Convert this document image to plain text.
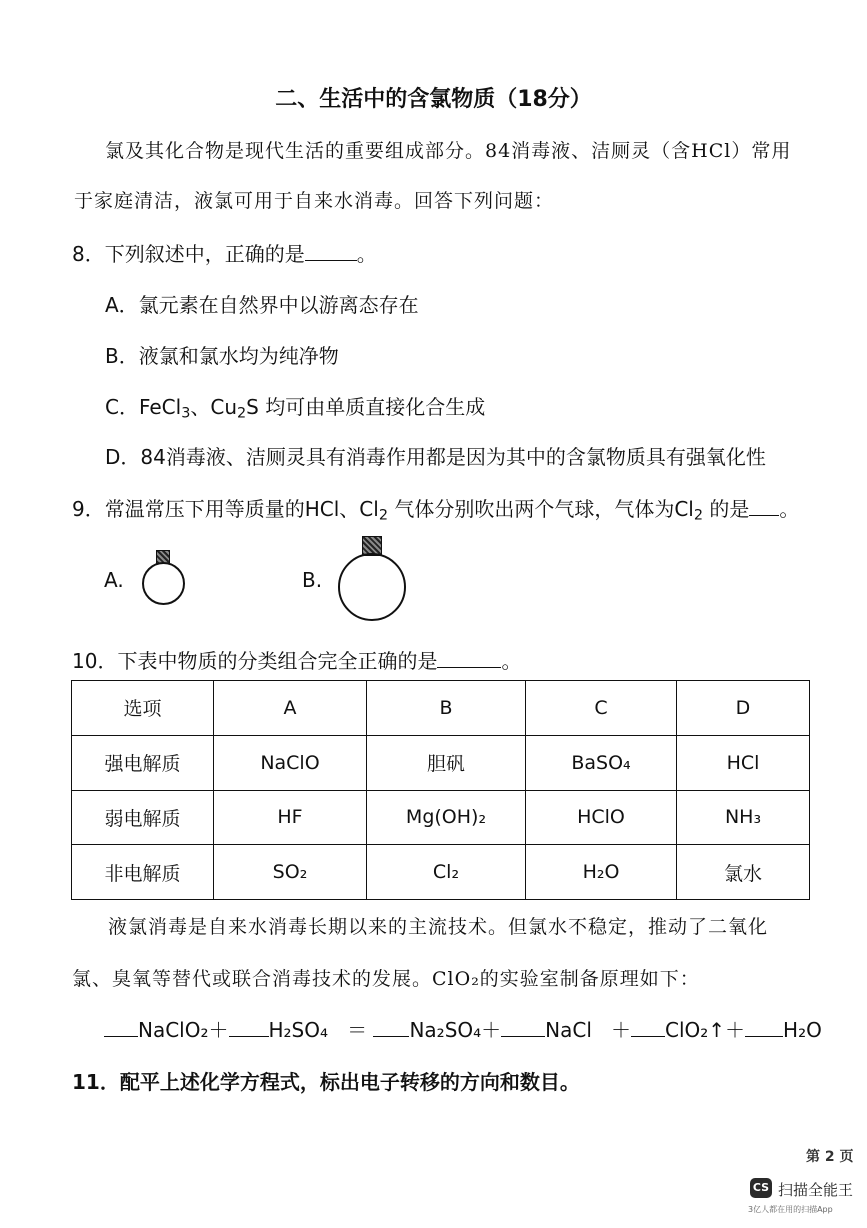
二、生活中的含氯物质（18分）
氯及其化合物是现代生活的重要组成部分。84消毒液、洁厕灵（含HCl）常用
于家庭清洁，液氯可用于自来水消毒。回答下列问题：
8．下列叙述中，正确的是	。
A．氯元素在自然界中以游离态存在
B．液氯和氯水均为纯净物
C．FeCl$_3$、$Cu_2S$ 均可由单质直接化合生成
D．84消毒液、洁厕灵具有消毒作用都是因为其中的含氯物质具有强氧化性
9．常温常压下用等质量的HCl、$Cl_2$ 气体分别吹出两个气球，气体为$Cl_2$ 的是 。
A.	B.
10．下表中物质的分类组合完全正确的是	。
选项	A	B	C	D
强电解质	NaClO	胆矾	BaSO₄	HCl
弱电解质	HF	Mg(OH)₂	HClO	NH₃
非电解质	SO₂	Cl₂	H₂O	氯水
液氯消毒是自来水消毒长期以来的主流技术。但氯水不稳定，推动了二氧化
氯、臭氧等替代或联合消毒技术的发展。ClO₂的实验室制备原理如下：
NaClO₂＋ H₂SO₄ ＝ Na₂SO₄＋ NaCl ＋ ClO₂↑＋ H₂O
11．配平上述化学方程式，标出电子转移的方向和数目。
第 2 页
CS 扫描全能王
3亿人都在用的扫描App
